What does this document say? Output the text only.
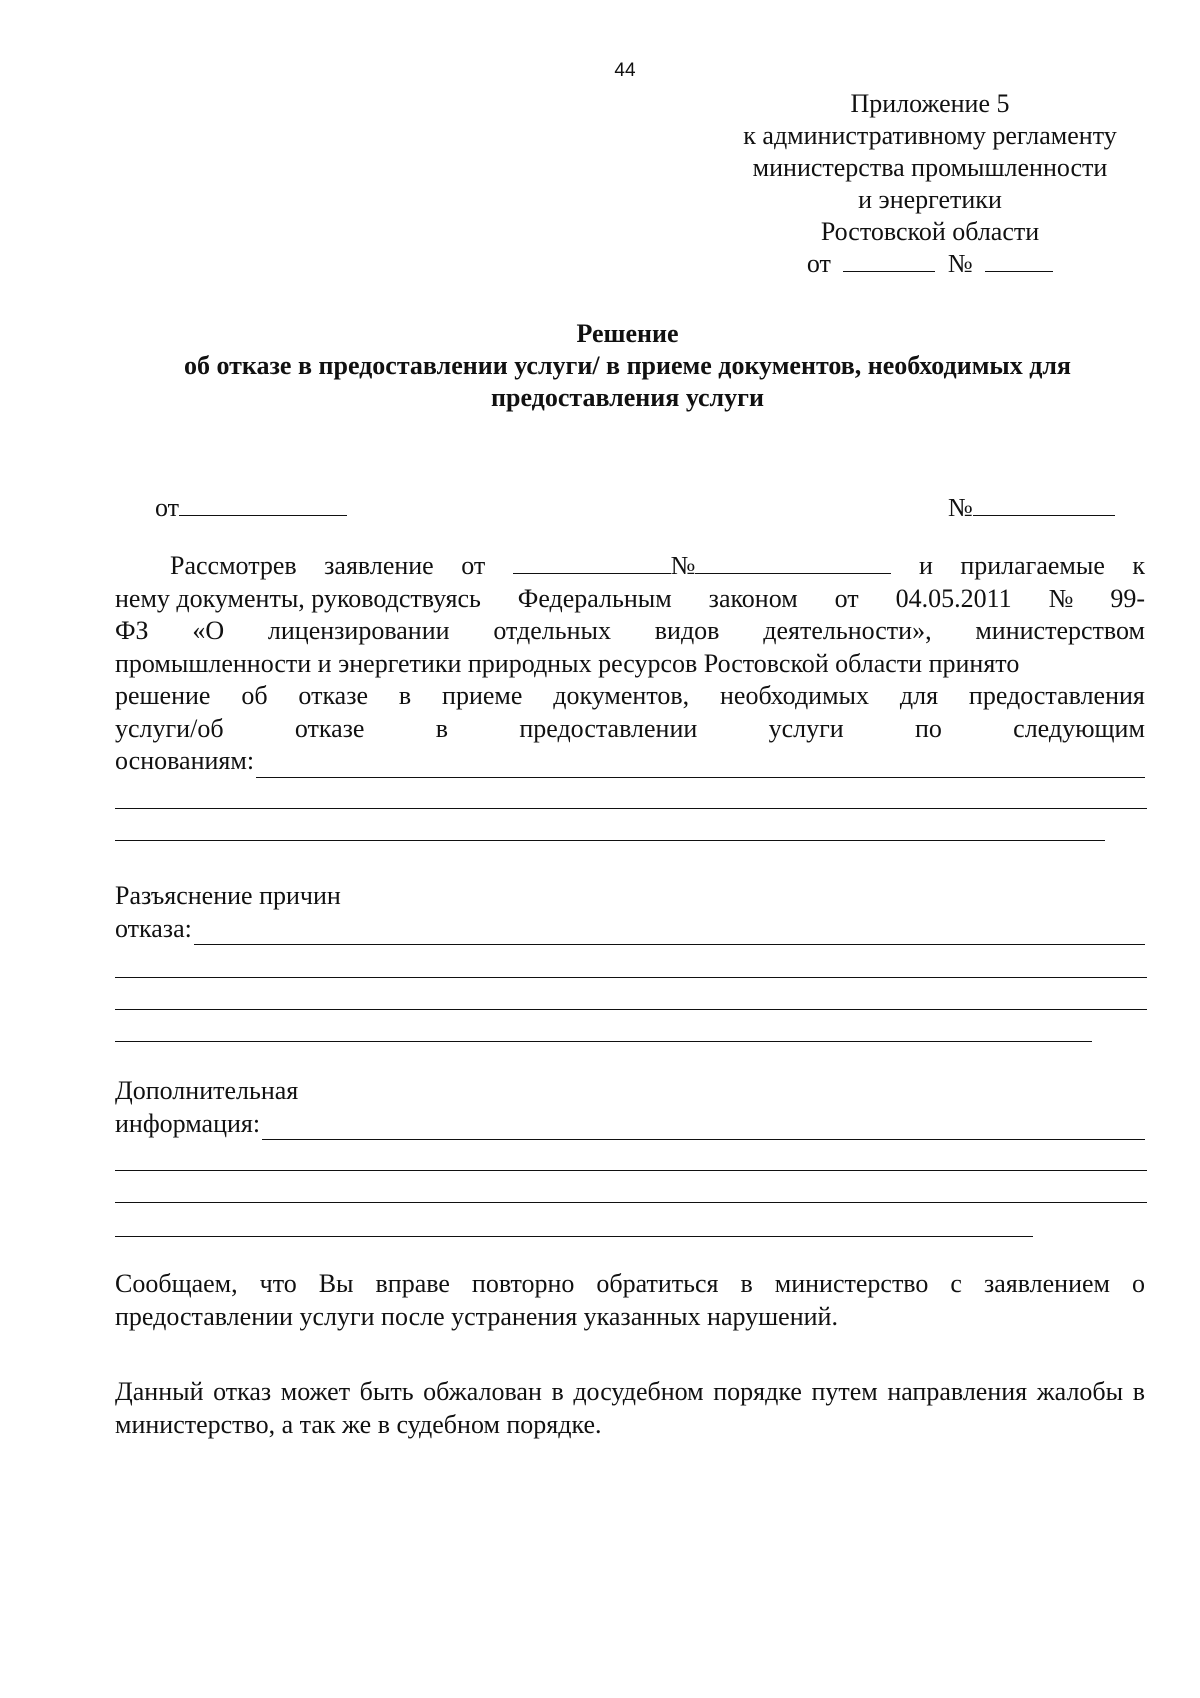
44
Приложение 5
к административному регламенту
министерства промышленности
и энергетики
Ростовской области
от	№
Решение
об отказе в предоставлении услуги/ в приеме документов, необходимых для
предоставления услуги
от	№
Рассмотрев заявление от	№	и прилагаемые к
нему документы, руководствуясь Федеральным законом от 04.05.2011 № 99-
ФЗ «О лицензировании отдельных видов деятельности», министерством
промышленности и энергетики природных ресурсов Ростовской области принято
решение об отказе в приеме документов, необходимых для предоставления
услуги/об	отказе	в	предоставлении	услуги	по	следующим
основаниям:
Разъяснение причин
отказа:
Дополнительная
информация:
Сообщаем, что Вы вправе повторно обратиться в министерство с заявлением о предоставлении услуги после устранения указанных нарушений.
Данный отказ может быть обжалован в досудебном порядке путем направления жалобы в министерство, а так же в судебном порядке.
